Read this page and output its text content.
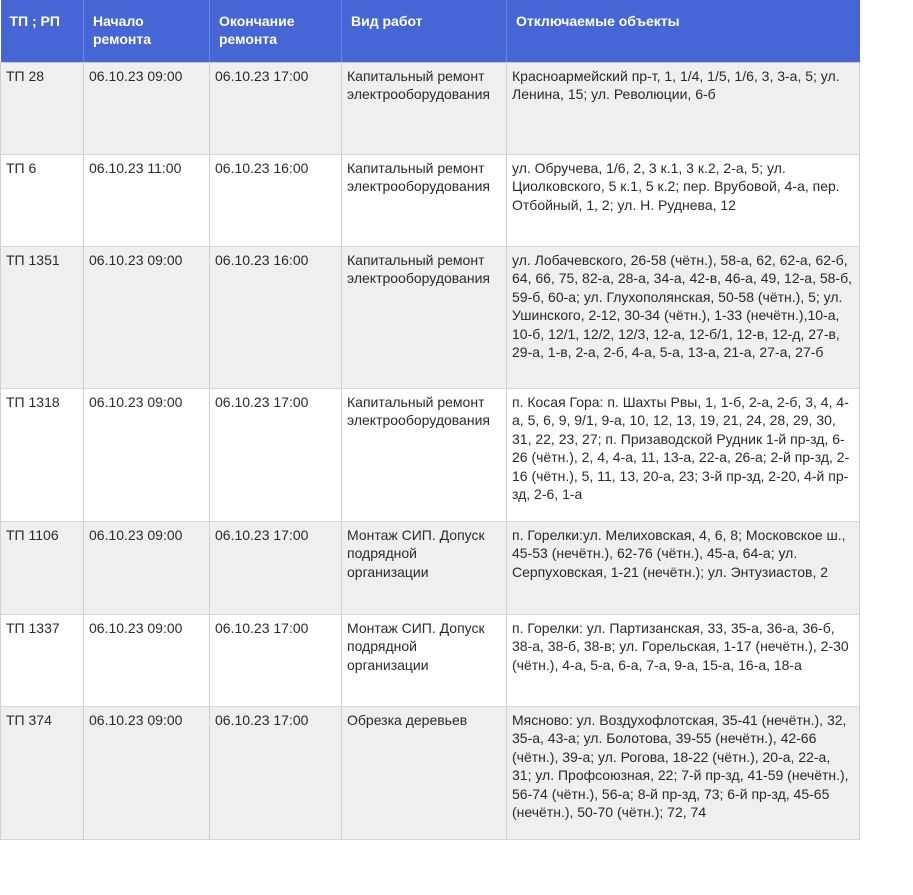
ТП ; РП	Начало ремонта	Окончание ремонта	Вид работ	Отключаемые объекты
ТП 28	06.10.23 09:00	06.10.23 17:00	Капитальный ремонт электрооборудования	Красноармейский пр-т, 1, 1/4, 1/5, 1/6, 3, 3-а, 5; ул. Ленина, 15; ул. Революции, 6-б
ТП 6	06.10.23 11:00	06.10.23 16:00	Капитальный ремонт электрооборудования	ул. Обручева, 1/6, 2, 3 к.1, 3 к.2, 2-а, 5; ул. Циолковского, 5 к.1, 5 к.2; пер. Врубовой, 4-а, пер. Отбойный, 1, 2; ул. Н. Руднева, 12
ТП 1351	06.10.23 09:00	06.10.23 16:00	Капитальный ремонт электрооборудования	ул. Лобачевского, 26-58 (чётн.), 58-а, 62, 62-а, 62-б, 64, 66, 75, 82-а, 28-а, 34-а, 42-в, 46-а, 49, 12-а, 58-б, 59-б, 60-а; ул. Глухополянская, 50-58 (чётн.), 5; ул. Ушинского, 2-12, 30-34 (чётн.), 1-33 (нечётн.),10-а, 10-б, 12/1, 12/2, 12/3, 12-а, 12-б/1, 12-в, 12-д, 27-в, 29-а, 1-в, 2-а, 2-б, 4-а, 5-а, 13-а, 21-а, 27-а, 27-б
ТП 1318	06.10.23 09:00	06.10.23 17:00	Капитальный ремонт электрооборудования	п. Косая Гора: п. Шахты Рвы, 1, 1-б, 2-а, 2-б, 3, 4, 4-а, 5, 6, 9, 9/1, 9-а, 10, 12, 13, 19, 21, 24, 28, 29, 30, 31, 22, 23, 27; п. Призаводской Рудник 1-й пр-зд, 6-26 (чётн.), 2, 4, 4-а, 11, 13-а, 22-а, 26-а; 2-й пр-зд, 2-16 (чётн.), 5, 11, 13, 20-а, 23; 3-й пр-зд, 2-20, 4-й пр-зд, 2-6, 1-а
ТП 1106	06.10.23 09:00	06.10.23 17:00	Монтаж СИП. Допуск подрядной организации	п. Горелки:ул. Мелиховская, 4, 6, 8; Московское ш., 45-53 (нечётн.), 62-76 (чётн.), 45-а, 64-а; ул. Серпуховская, 1-21 (нечётн.); ул. Энтузиастов, 2
ТП 1337	06.10.23 09:00	06.10.23 17:00	Монтаж СИП. Допуск подрядной организации	п. Горелки: ул. Партизанская, 33, 35-а, 36-а, 36-б, 38-а, 38-б, 38-в; ул. Горельская, 1-17 (нечётн.), 2-30 (чётн.), 4-а, 5-а, 6-а, 7-а, 9-а, 15-а, 16-а, 18-а
ТП 374	06.10.23 09:00	06.10.23 17:00	Обрезка деревьев	Мясново: ул. Воздухофлотская, 35-41 (нечётн.), 32, 35-а, 43-а; ул. Болотова, 39-55 (нечётн.), 42-66 (чётн.), 39-а; ул. Рогова, 18-22 (чётн.), 20-а, 22-а, 31; ул. Профсоюзная, 22; 7-й пр-зд, 41-59 (нечётн.), 56-74 (чётн.), 56-а; 8-й пр-зд, 73; 6-й пр-зд, 45-65 (нечётн.), 50-70 (чётн.); 72, 74
